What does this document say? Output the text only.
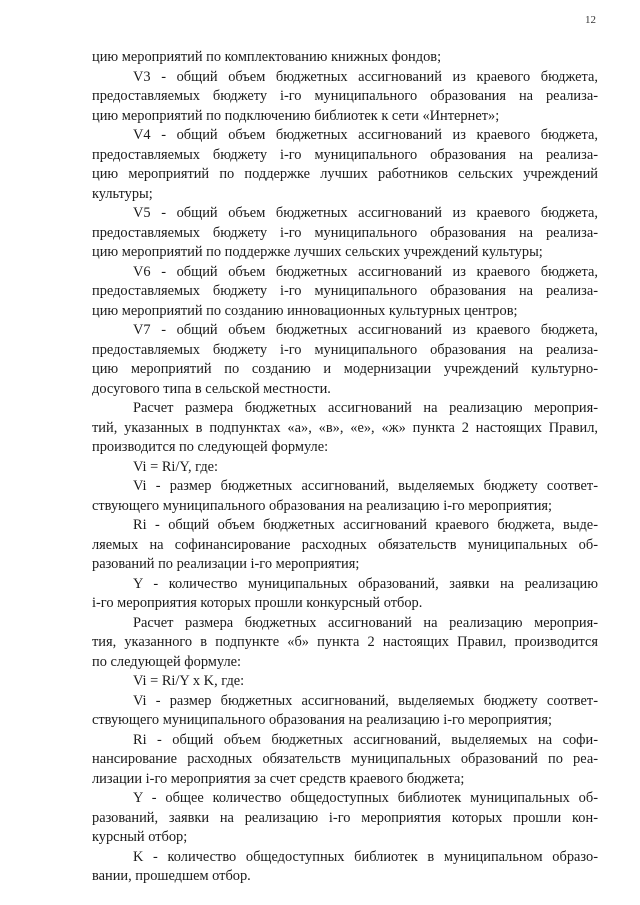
12

цию мероприятий по комплектованию книжных фондов;

V3 - общий объем бюджетных ассигнований из краевого бюджета,

предоставляемых бюджету i-го муниципального образования на реализа-

цию мероприятий по подключению библиотек к сети «Интернет»;

V4 - общий объем бюджетных ассигнований из краевого бюджета,

предоставляемых бюджету i-го муниципального образования на реализа-

цию мероприятий по поддержке лучших работников сельских учреждений

культуры;

V5 - общий объем бюджетных ассигнований из краевого бюджета,

предоставляемых бюджету i-го муниципального образования на реализа-

цию мероприятий по поддержке лучших сельских учреждений культуры;

V6 - общий объем бюджетных ассигнований из краевого бюджета,

предоставляемых бюджету i-го муниципального образования на реализа-

цию мероприятий по созданию инновационных культурных центров;

V7 - общий объем бюджетных ассигнований из краевого бюджета,

предоставляемых бюджету i-го муниципального образования на реализа-

цию мероприятий по созданию и модернизации учреждений культурно-

досугового типа в сельской местности.

Расчет размера бюджетных ассигнований на реализацию мероприя-

тий, указанных в подпунктах «а», «в», «е», «ж» пункта 2 настоящих Правил,

производится по следующей формуле:

Vi = Ri/Y, где:

Vi - размер бюджетных ассигнований, выделяемых бюджету соответ-

ствующего муниципального образования на реализацию i-го мероприятия;

Ri - общий объем бюджетных ассигнований краевого бюджета, выде-

ляемых на софинансирование расходных обязательств муниципальных об-

разований по реализации i-го мероприятия;

Y - количество муниципальных образований, заявки на реализацию

i-го мероприятия которых прошли конкурсный отбор.

Расчет размера бюджетных ассигнований на реализацию мероприя-

тия, указанного в подпункте «б» пункта 2 настоящих Правил, производится

по следующей формуле:

Vi = Ri/Y x K, где:

Vi - размер бюджетных ассигнований, выделяемых бюджету соответ-

ствующего муниципального образования на реализацию i-го мероприятия;

Ri - общий объем бюджетных ассигнований, выделяемых на софи-

нансирование расходных обязательств муниципальных образований по реа-

лизации i-го мероприятия за счет средств краевого бюджета;

Y - общее количество общедоступных библиотек муниципальных об-

разований, заявки на реализацию i-го мероприятия которых прошли кон-

курсный отбор;

K - количество общедоступных библиотек в муниципальном образо-

вании, прошедшем отбор.
